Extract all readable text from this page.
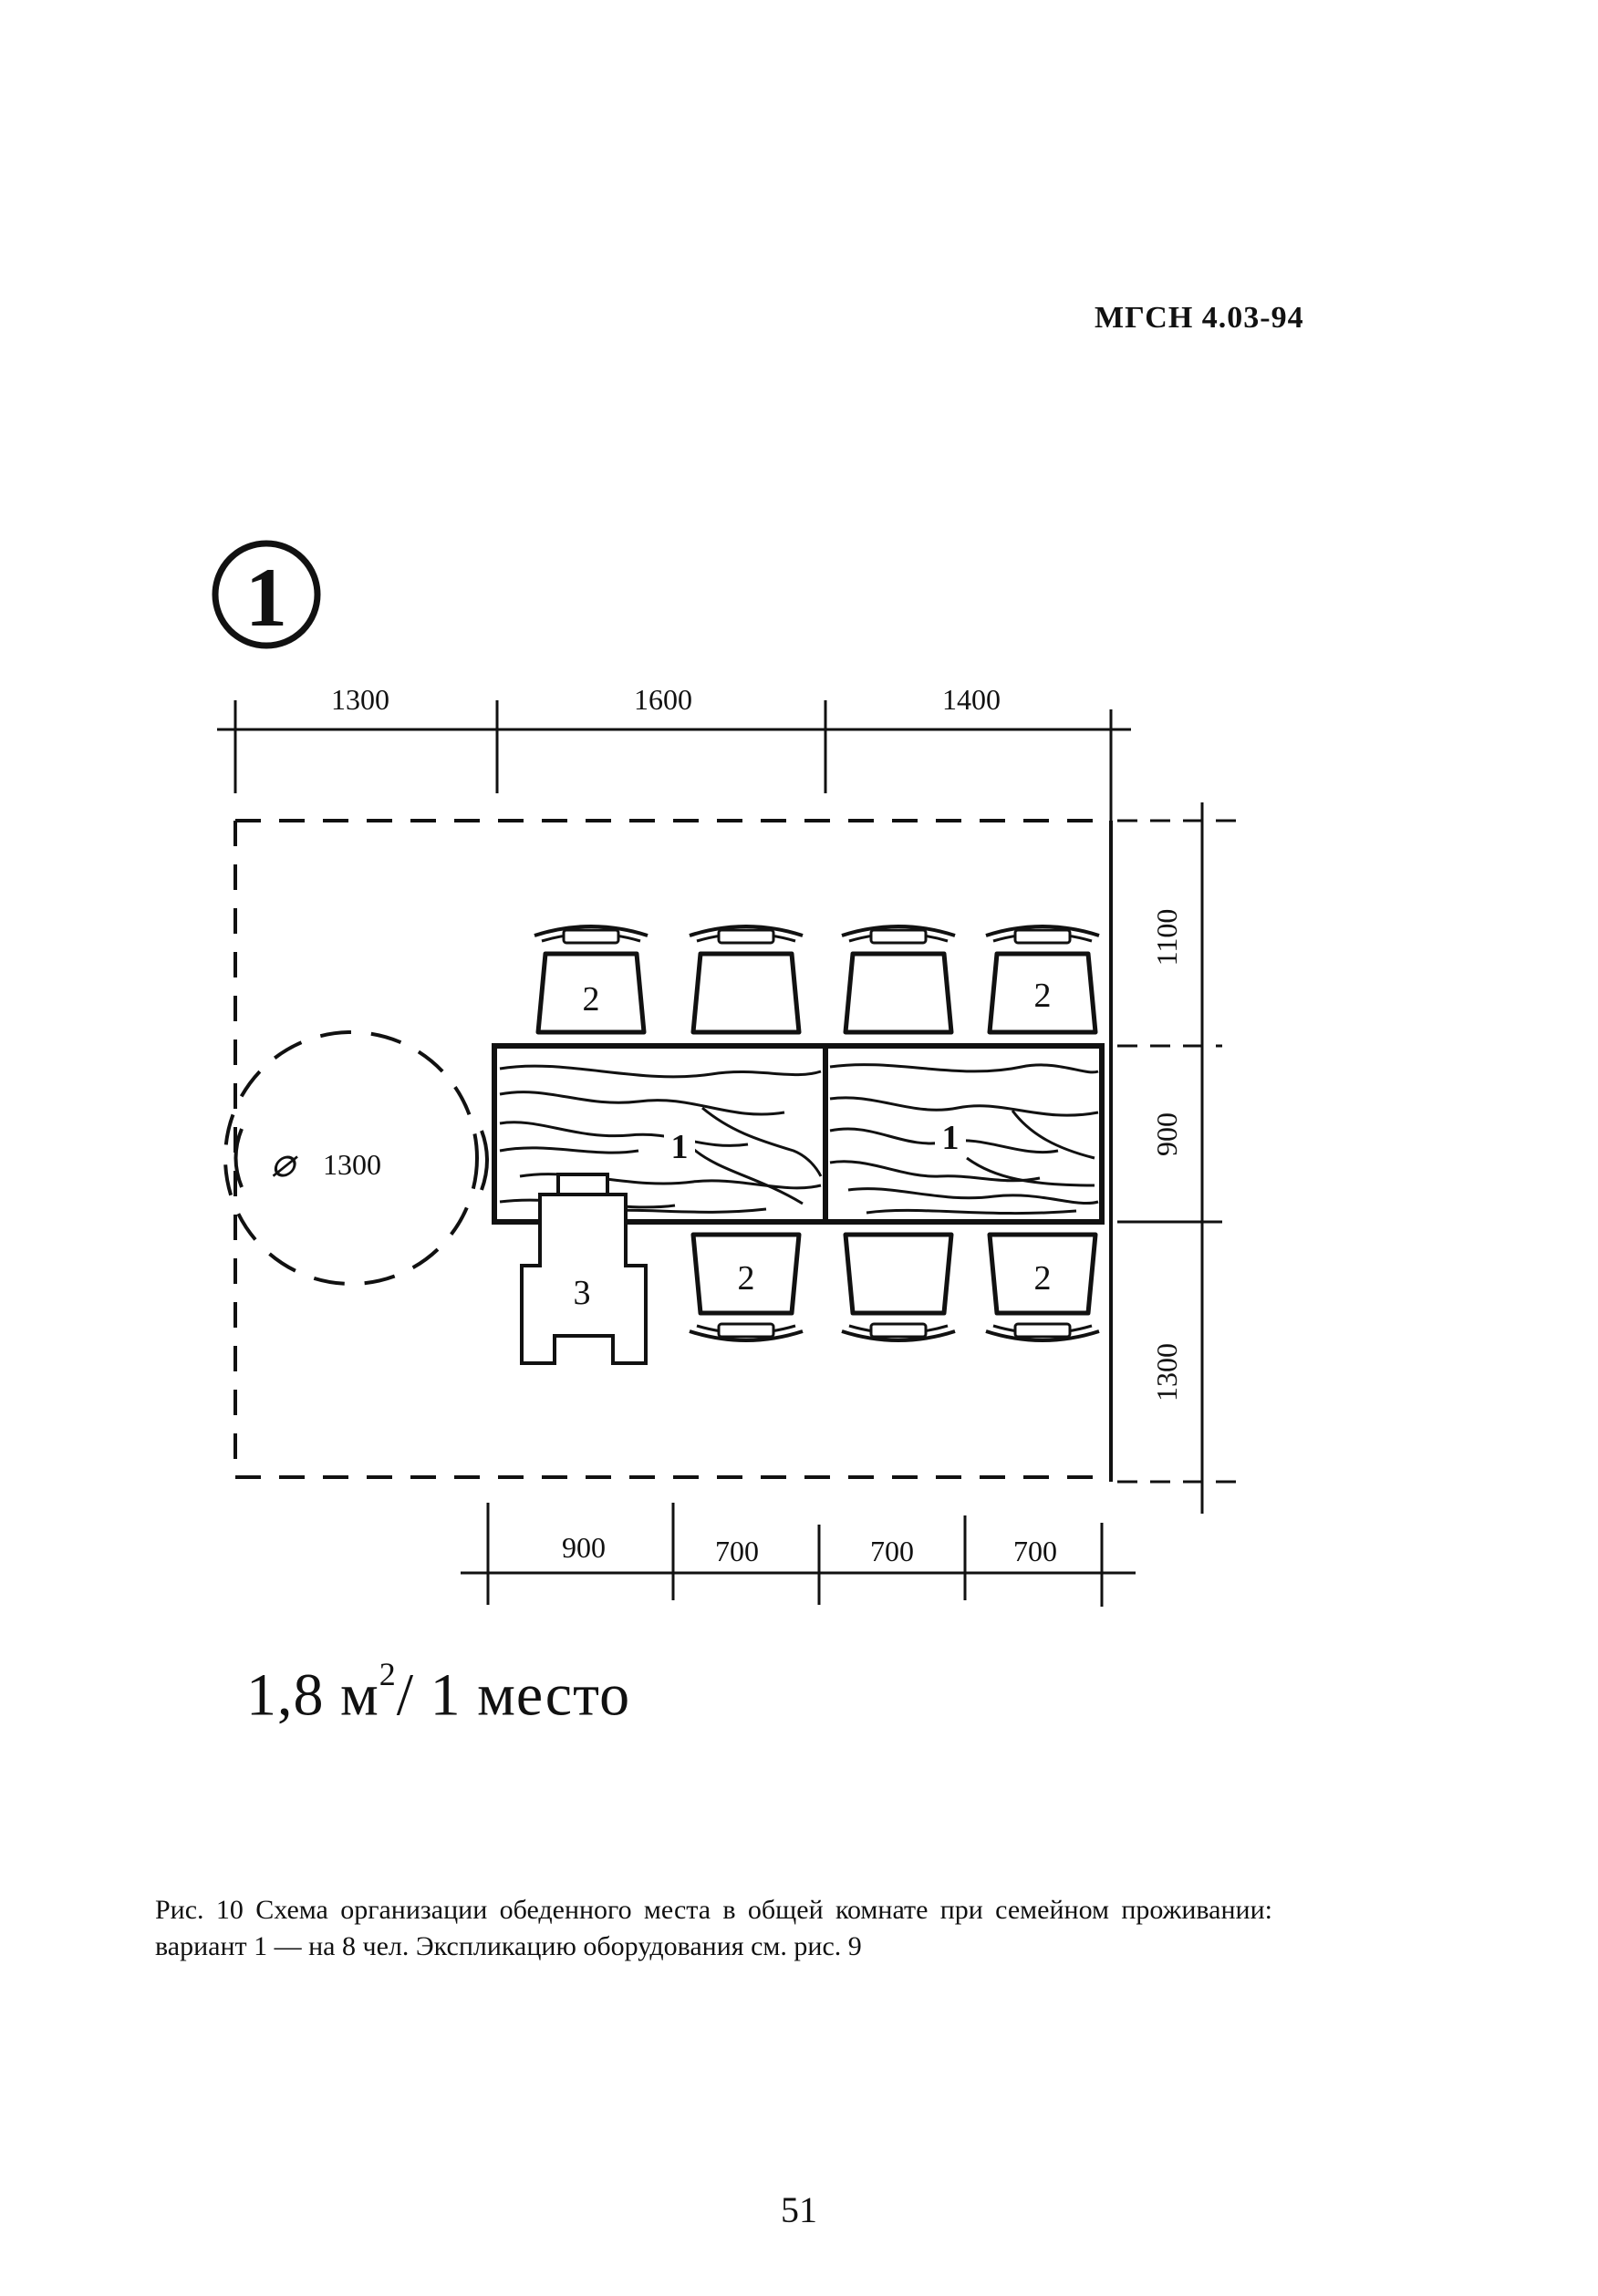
МГСН 4.03-94
1
1300	1600	1400
1100
900
1300
900	700	700	700
⌀ 1300	1	1
2	2
2	2
3
1,8 $м^2/$ 1 место
Рис. 10 Схема организации обеденного места в общей комнате при семейном проживании: вариант 1 — на 8 чел. Экспликацию оборудования см. рис. 9
51
